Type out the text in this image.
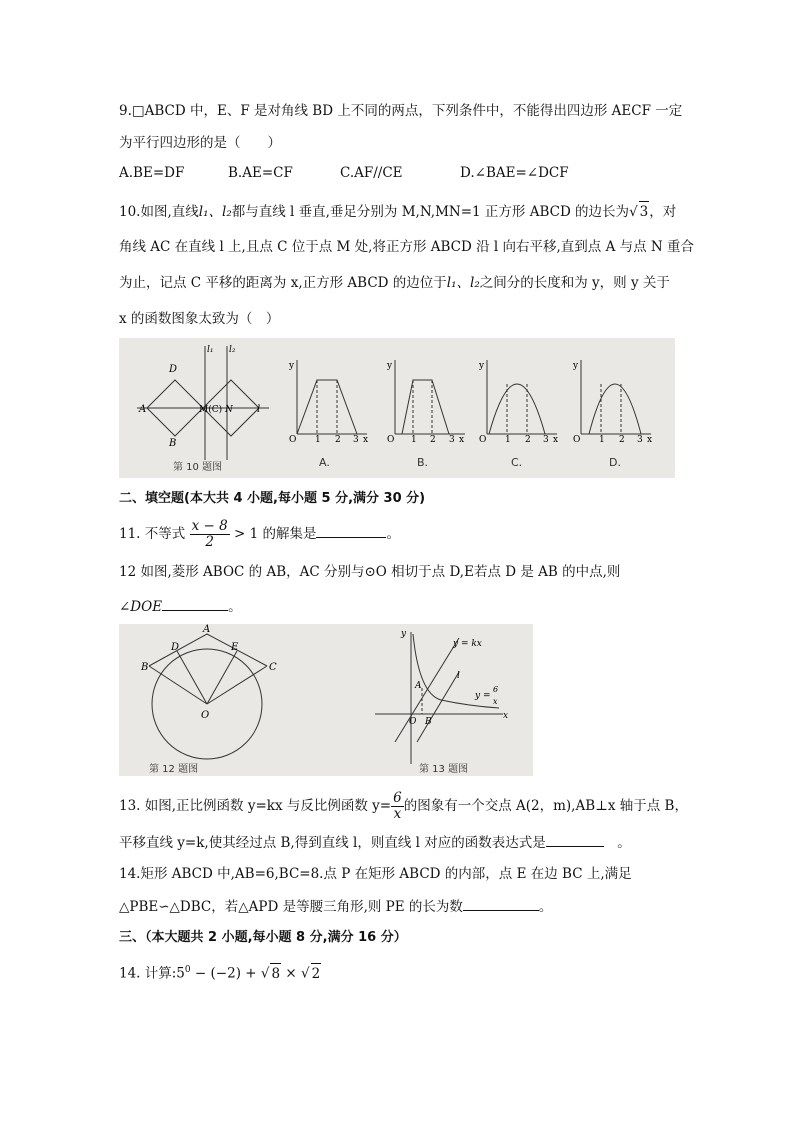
9.□ABCD 中，E、F 是对角线 BD 上不同的两点，下列条件中，不能得出四边形 AECF 一定
为平行四边形的是（　　）
A.BE=DF	B.AE=CF	C.AF//CE	D.∠BAE=∠DCF
10.如图,直线l₁、l₂都与直线 l 垂直,垂足分别为 M,N,MN=1 正方形 ABCD 的边长为√ 3，对
角线 AC 在直线 l 上,且点 C 位于点 M 处,将正方形 ABCD 沿 l 向右平移,直到点 A 与点 N 重合
为止，记点 C 平移的距离为 x,正方形 ABCD 的边位于l₁、l₂之间分的长度和为 y，则 y 关于
x 的函数图象太致为（　）
A
D
B
M(C) N
l₁ l₂
l
y
O 1 2 3 x
y
O 1 2 3 x
y
O 1 2 3 x
y
O 1 2 3 x
第 10 题图	A.	B.	C.	D.
二、填空题(本大共 4 小题,每小题 5 分,满分 30 分)
11. 不等式 $\frac{x - 8}{2} > 1$ 的解集是	。
12 如图,菱形 ABOC 的 AB，AC 分别与⊙O 相切于点 D,E若点 D 是 AB 的中点,则
∠DOE	。
A
B
D	E
C
O
y
x
O B
A
y = kx
l
y =
6
x
第 12 题图	第 13 题图
13. 如图,正比例函数 y=kx 与反比例函数 $y= \frac{6}{x}$ 的图象有一个交点 A(2，m),AB⊥x 轴于点 B，
平移直线 y=k,使其经过点 B,得到直线 l，则直线 l 对应的函数表达式是　	。
14.矩形 ABCD 中,AB=6,BC=8.点 P 在矩形 ABCD 的内部，点 E 在边 BC 上,满足
△PBE∽△DBC，若△APD 是等腰三角形,则 PE 的长为数	。
三、（本大题共 2 小题,每小题 8 分,满分 16 分）
14. 计算$:5^0 - (-2)$ + √ 8 × √ 2
